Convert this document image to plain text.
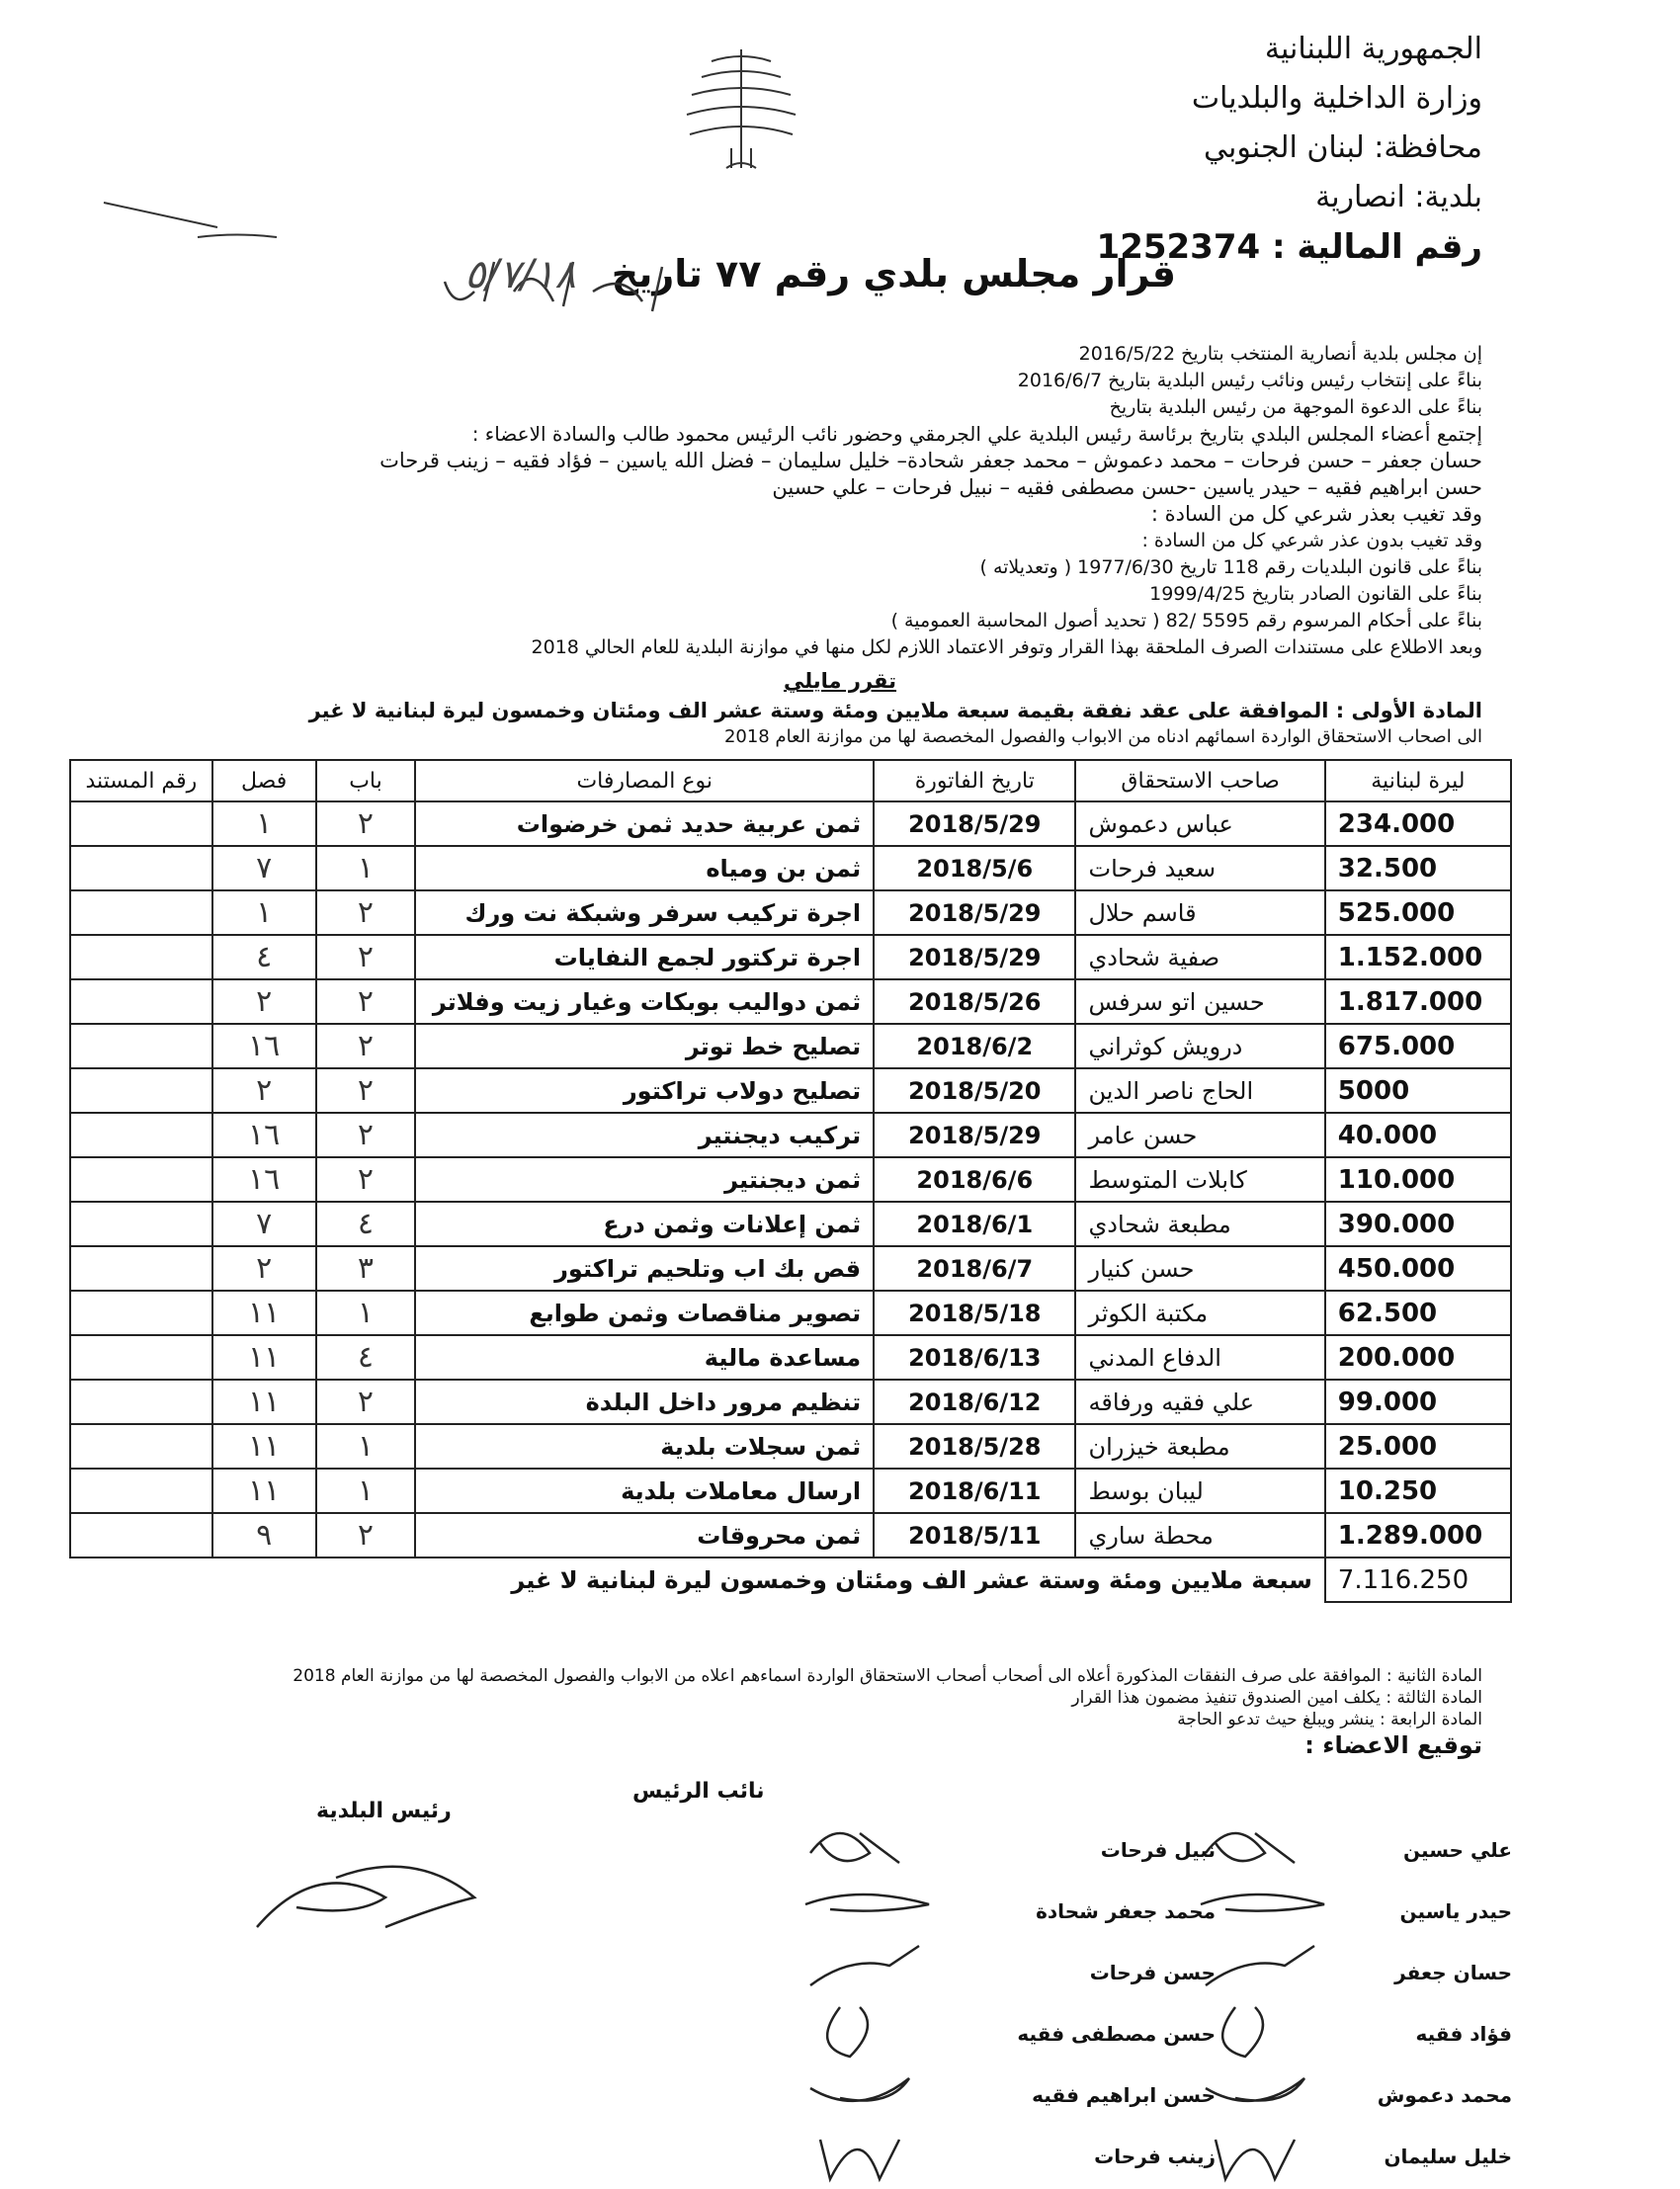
الجمهورية اللبنانية
وزارة الداخلية والبلديات
محافظة: لبنان الجنوبي
بلدية: انصارية
رقم المالية : 1252374
قرار مجلس بلدي رقم ٧٧ تاريخ
٥/٧/١٨
إن مجلس بلدية أنصارية المنتخب بتاريخ 2016/5/22
بناءً على إنتخاب رئيس ونائب رئيس البلدية بتاريخ 2016/6/7
بناءً على الدعوة الموجهة من رئيس البلدية بتاريخ
إجتمع أعضاء المجلس البلدي بتاريخ برئاسة رئيس البلدية علي الجرمقي وحضور نائب الرئيس محمود طالب والسادة الاعضاء :
حسان جعفر – حسن فرحات – محمد دعموش – محمد جعفر شحادة– خليل سليمان – فضل الله ياسين – فؤاد فقيه – زينب قرحات
حسن ابراهيم فقيه – حيدر ياسين -حسن مصطفى فقيه – نبيل فرحات – علي حسين
وقد تغيب بعذر شرعي كل من السادة :
وقد تغيب بدون عذر شرعي كل من السادة :
بناءً على قانون البلديات رقم 118 تاريخ 1977/6/30 ( وتعديلاته )
بناءً على القانون الصادر بتاريخ 1999/4/25
بناءً على أحكام المرسوم رقم 5595 /82 ( تحديد أصول المحاسبة العمومية )
وبعد الاطلاع على مستندات الصرف الملحقة بهذا القرار وتوفر الاعتماد اللازم لكل منها في موازنة البلدية للعام الحالي 2018
تقرر مايلي
المادة الأولى : الموافقة على عقد نفقة بقيمة سبعة ملايين ومئة وستة عشر الف ومئتان وخمسون ليرة لبنانية لا غير
الى اصحاب الاستحقاق الواردة اسمائهم ادناه من الابواب والفصول المخصصة لها من موازنة العام 2018
ليرة لبنانية	صاحب الاستحقاق	تاريخ الفاتورة	نوع المصارفات	باب	فصل	رقم المستند
234.000	عباس دعموش	2018/5/29	ثمن عربية حديد ثمن خرضوات	٢	١	
32.500	سعيد فرحات	2018/5/6	ثمن بن ومياه	١	٧	
525.000	قاسم حلال	2018/5/29	اجرة تركيب سرفر وشبكة نت ورك	٢	١	
1.152.000	صفية شحادي	2018/5/29	اجرة تركتور لجمع النفايات	٢	٤	
1.817.000	حسين اتو سرفس	2018/5/26	ثمن دواليب بوبكات وغيار زيت وفلاتر	٢	٢	
675.000	درويش كوثراني	2018/6/2	تصليح خط توتر	٢	١٦	
5000	الحاج ناصر الدين	2018/5/20	تصليح دولاب تراكتور	٢	٢	
40.000	حسن عامر	2018/5/29	تركيب ديجنتير	٢	١٦	
110.000	كابلات المتوسط	2018/6/6	ثمن ديجنتير	٢	١٦	
390.000	مطبعة شحادي	2018/6/1	ثمن إعلانات وثمن درع	٤	٧	
450.000	حسن كنيار	2018/6/7	قص بك اب وتلحيم تراكتور	٣	٢	
62.500	مكتبة الكوثر	2018/5/18	تصوير مناقصات وثمن طوابع	١	١١	
200.000	الدفاع المدني	2018/6/13	مساعدة مالية	٤	١١	
99.000	علي فقيه ورفاقه	2018/6/12	تنظيم مرور داخل البلدة	٢	١١	
25.000	مطبعة خيزران	2018/5/28	ثمن سجلات بلدية	١	١١	
10.250	ليبان بوسط	2018/6/11	ارسال معاملات بلدية	١	١١	
1.289.000	محطة ساري	2018/5/11	ثمن محروقات	٢	٩	
7.116.250	سبعة ملايين ومئة وستة عشر الف ومئتان وخمسون ليرة لبنانية لا غير					
المادة الثانية : الموافقة على صرف النفقات المذكورة أعلاه الى أصحاب أصحاب الاستحقاق الواردة اسماءهم اعلاه من الابواب والفصول المخصصة لها من موازنة العام 2018
المادة الثالثة : يكلف امين الصندوق تنفيذ مضمون هذا القرار
المادة الرابعة : ينشر ويبلغ حيث تدعو الحاجة
توقيع الاعضاء :
رئيس البلدية
نائب الرئيس
علي حسين
حيدر ياسين
حسان جعفر
فؤاد فقيه
محمد دعموش
خليل سليمان
نبيل فرحات
محمد جعفر شحادة
حسن فرحات
حسن مصطفى فقيه
حسن ابراهيم فقيه
زينب فرحات
